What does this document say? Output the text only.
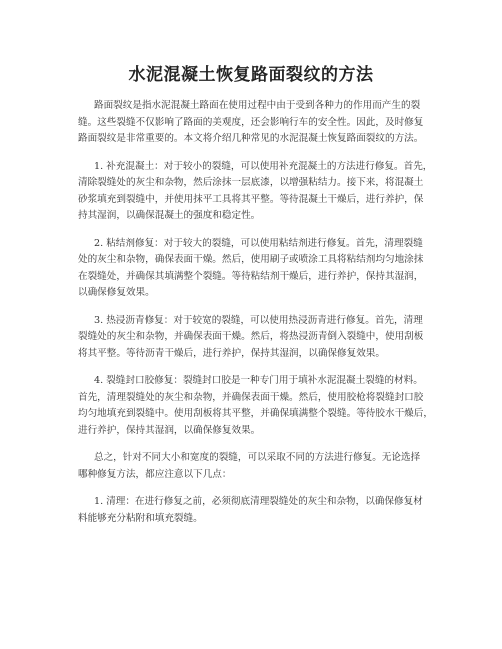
水泥混凝土恢复路面裂纹的方法
路面裂纹是指水泥混凝土路面在使用过程中由于受到各种力的作用而产生的裂
缝。这些裂缝不仅影响了路面的美观度，还会影响行车的安全性。因此，及时修复
路面裂纹是非常重要的。本文将介绍几种常见的水泥混凝土恢复路面裂纹的方法。
1. 补充混凝土：对于较小的裂缝，可以使用补充混凝土的方法进行修复。首先，
清除裂缝处的灰尘和杂物，然后涂抹一层底漆，以增强粘结力。接下来，将混凝土
砂浆填充到裂缝中，并使用抹平工具将其平整。等待混凝土干燥后，进行养护，保
持其湿润，以确保混凝土的强度和稳定性。
2. 粘结剂修复：对于较大的裂缝，可以使用粘结剂进行修复。首先，清理裂缝
处的灰尘和杂物，确保表面干燥。然后，使用刷子或喷涂工具将粘结剂均匀地涂抹
在裂缝处，并确保其填满整个裂缝。等待粘结剂干燥后，进行养护，保持其湿润，
以确保修复效果。
3. 热浸沥青修复：对于较宽的裂缝，可以使用热浸沥青进行修复。首先，清理
裂缝处的灰尘和杂物，并确保表面干燥。然后，将热浸沥青倒入裂缝中，使用刮板
将其平整。等待沥青干燥后，进行养护，保持其湿润，以确保修复效果。
4. 裂缝封口胶修复：裂缝封口胶是一种专门用于填补水泥混凝土裂缝的材料。
首先，清理裂缝处的灰尘和杂物，并确保表面干燥。然后，使用胶枪将裂缝封口胶
均匀地填充到裂缝中。使用刮板将其平整，并确保填满整个裂缝。等待胶水干燥后，
进行养护，保持其湿润，以确保修复效果。
总之，针对不同大小和宽度的裂缝，可以采取不同的方法进行修复。无论选择
哪种修复方法，都应注意以下几点：
1. 清理：在进行修复之前，必须彻底清理裂缝处的灰尘和杂物，以确保修复材
料能够充分粘附和填充裂缝。
